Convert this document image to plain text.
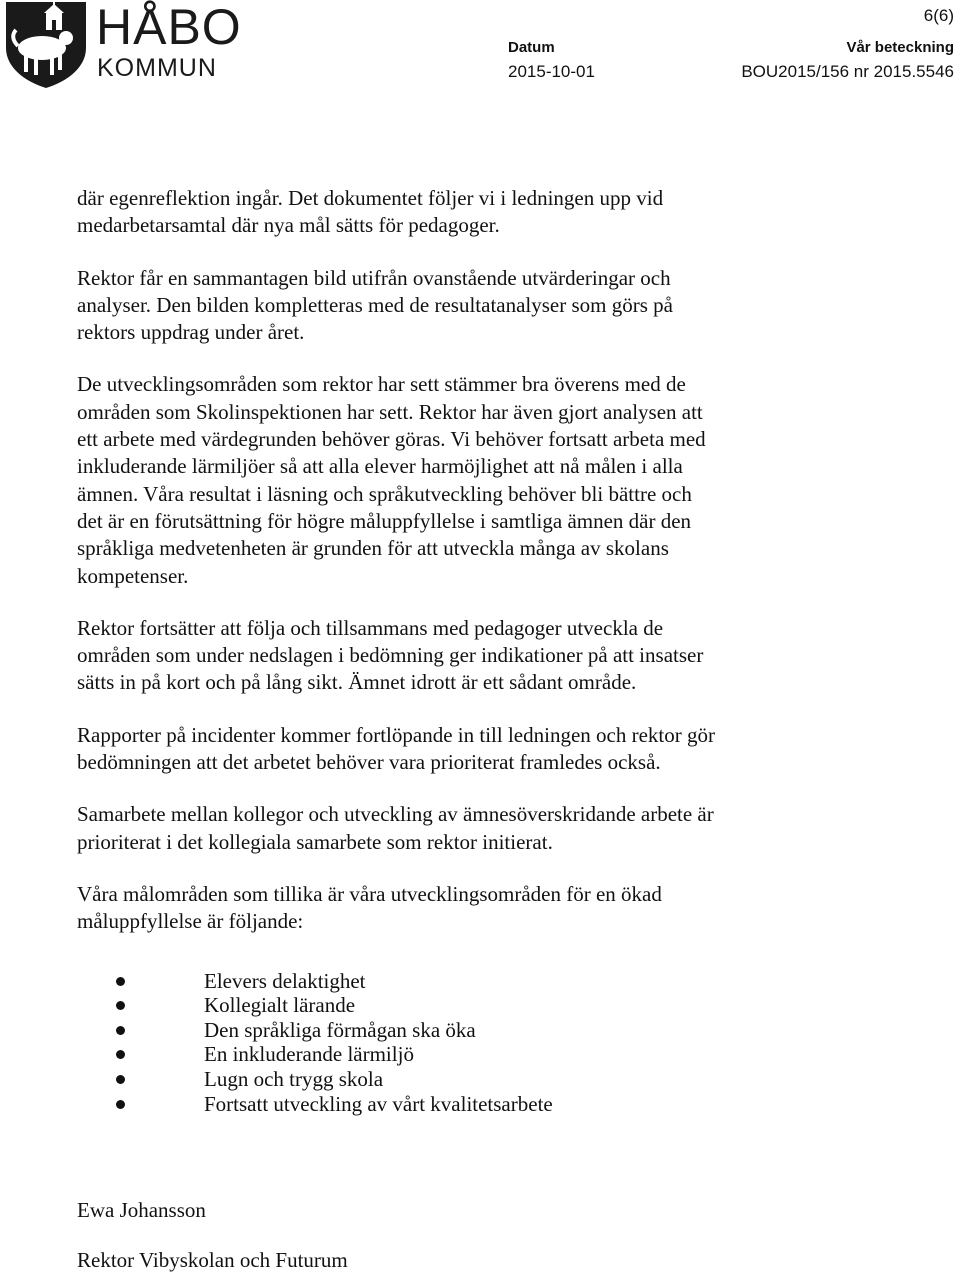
HÅBO
KOMMUN
6(6)
Datum
2015-10-01
Vår beteckning
BOU2015/156 nr 2015.5546

där egenreflektion ingår. Det dokumentet följer vi i ledningen upp vid
medarbetarsamtal där nya mål sätts för pedagoger.

Rektor får en sammantagen bild utifrån ovanstående utvärderingar och
analyser. Den bilden kompletteras med de resultatanalyser som görs på
rektors uppdrag under året.

De utvecklingsområden som rektor har sett stämmer bra överens med de
områden som Skolinspektionen har sett. Rektor har även gjort analysen att
ett arbete med värdegrunden behöver göras. Vi behöver fortsatt arbeta med
inkluderande lärmiljöer så att alla elever harmöjlighet att nå målen i alla
ämnen. Våra resultat i läsning och språkutveckling behöver bli bättre och
det är en förutsättning för högre måluppfyllelse i samtliga ämnen där den
språkliga medvetenheten är grunden för att utveckla många av skolans
kompetenser.

Rektor fortsätter att följa och tillsammans med pedagoger utveckla de
områden som under nedslagen i bedömning ger indikationer på att insatser
sätts in på kort och på lång sikt. Ämnet idrott är ett sådant område.

Rapporter på incidenter kommer fortlöpande in till ledningen och rektor gör
bedömningen att det arbetet behöver vara prioriterat framledes också.

Samarbete mellan kollegor och utveckling av ämnesöverskridande arbete är
prioriterat i det kollegiala samarbete som rektor initierat.

Våra målområden som tillika är våra utvecklingsområden för en ökad
måluppfyllelse är följande:

Elevers delaktighet
Kollegialt lärande
Den språkliga förmågan ska öka
En inkluderande lärmiljö
Lugn och trygg skola
Fortsatt utveckling av vårt kvalitetsarbete
Ewa Johansson
Rektor Vibyskolan och Futurum
